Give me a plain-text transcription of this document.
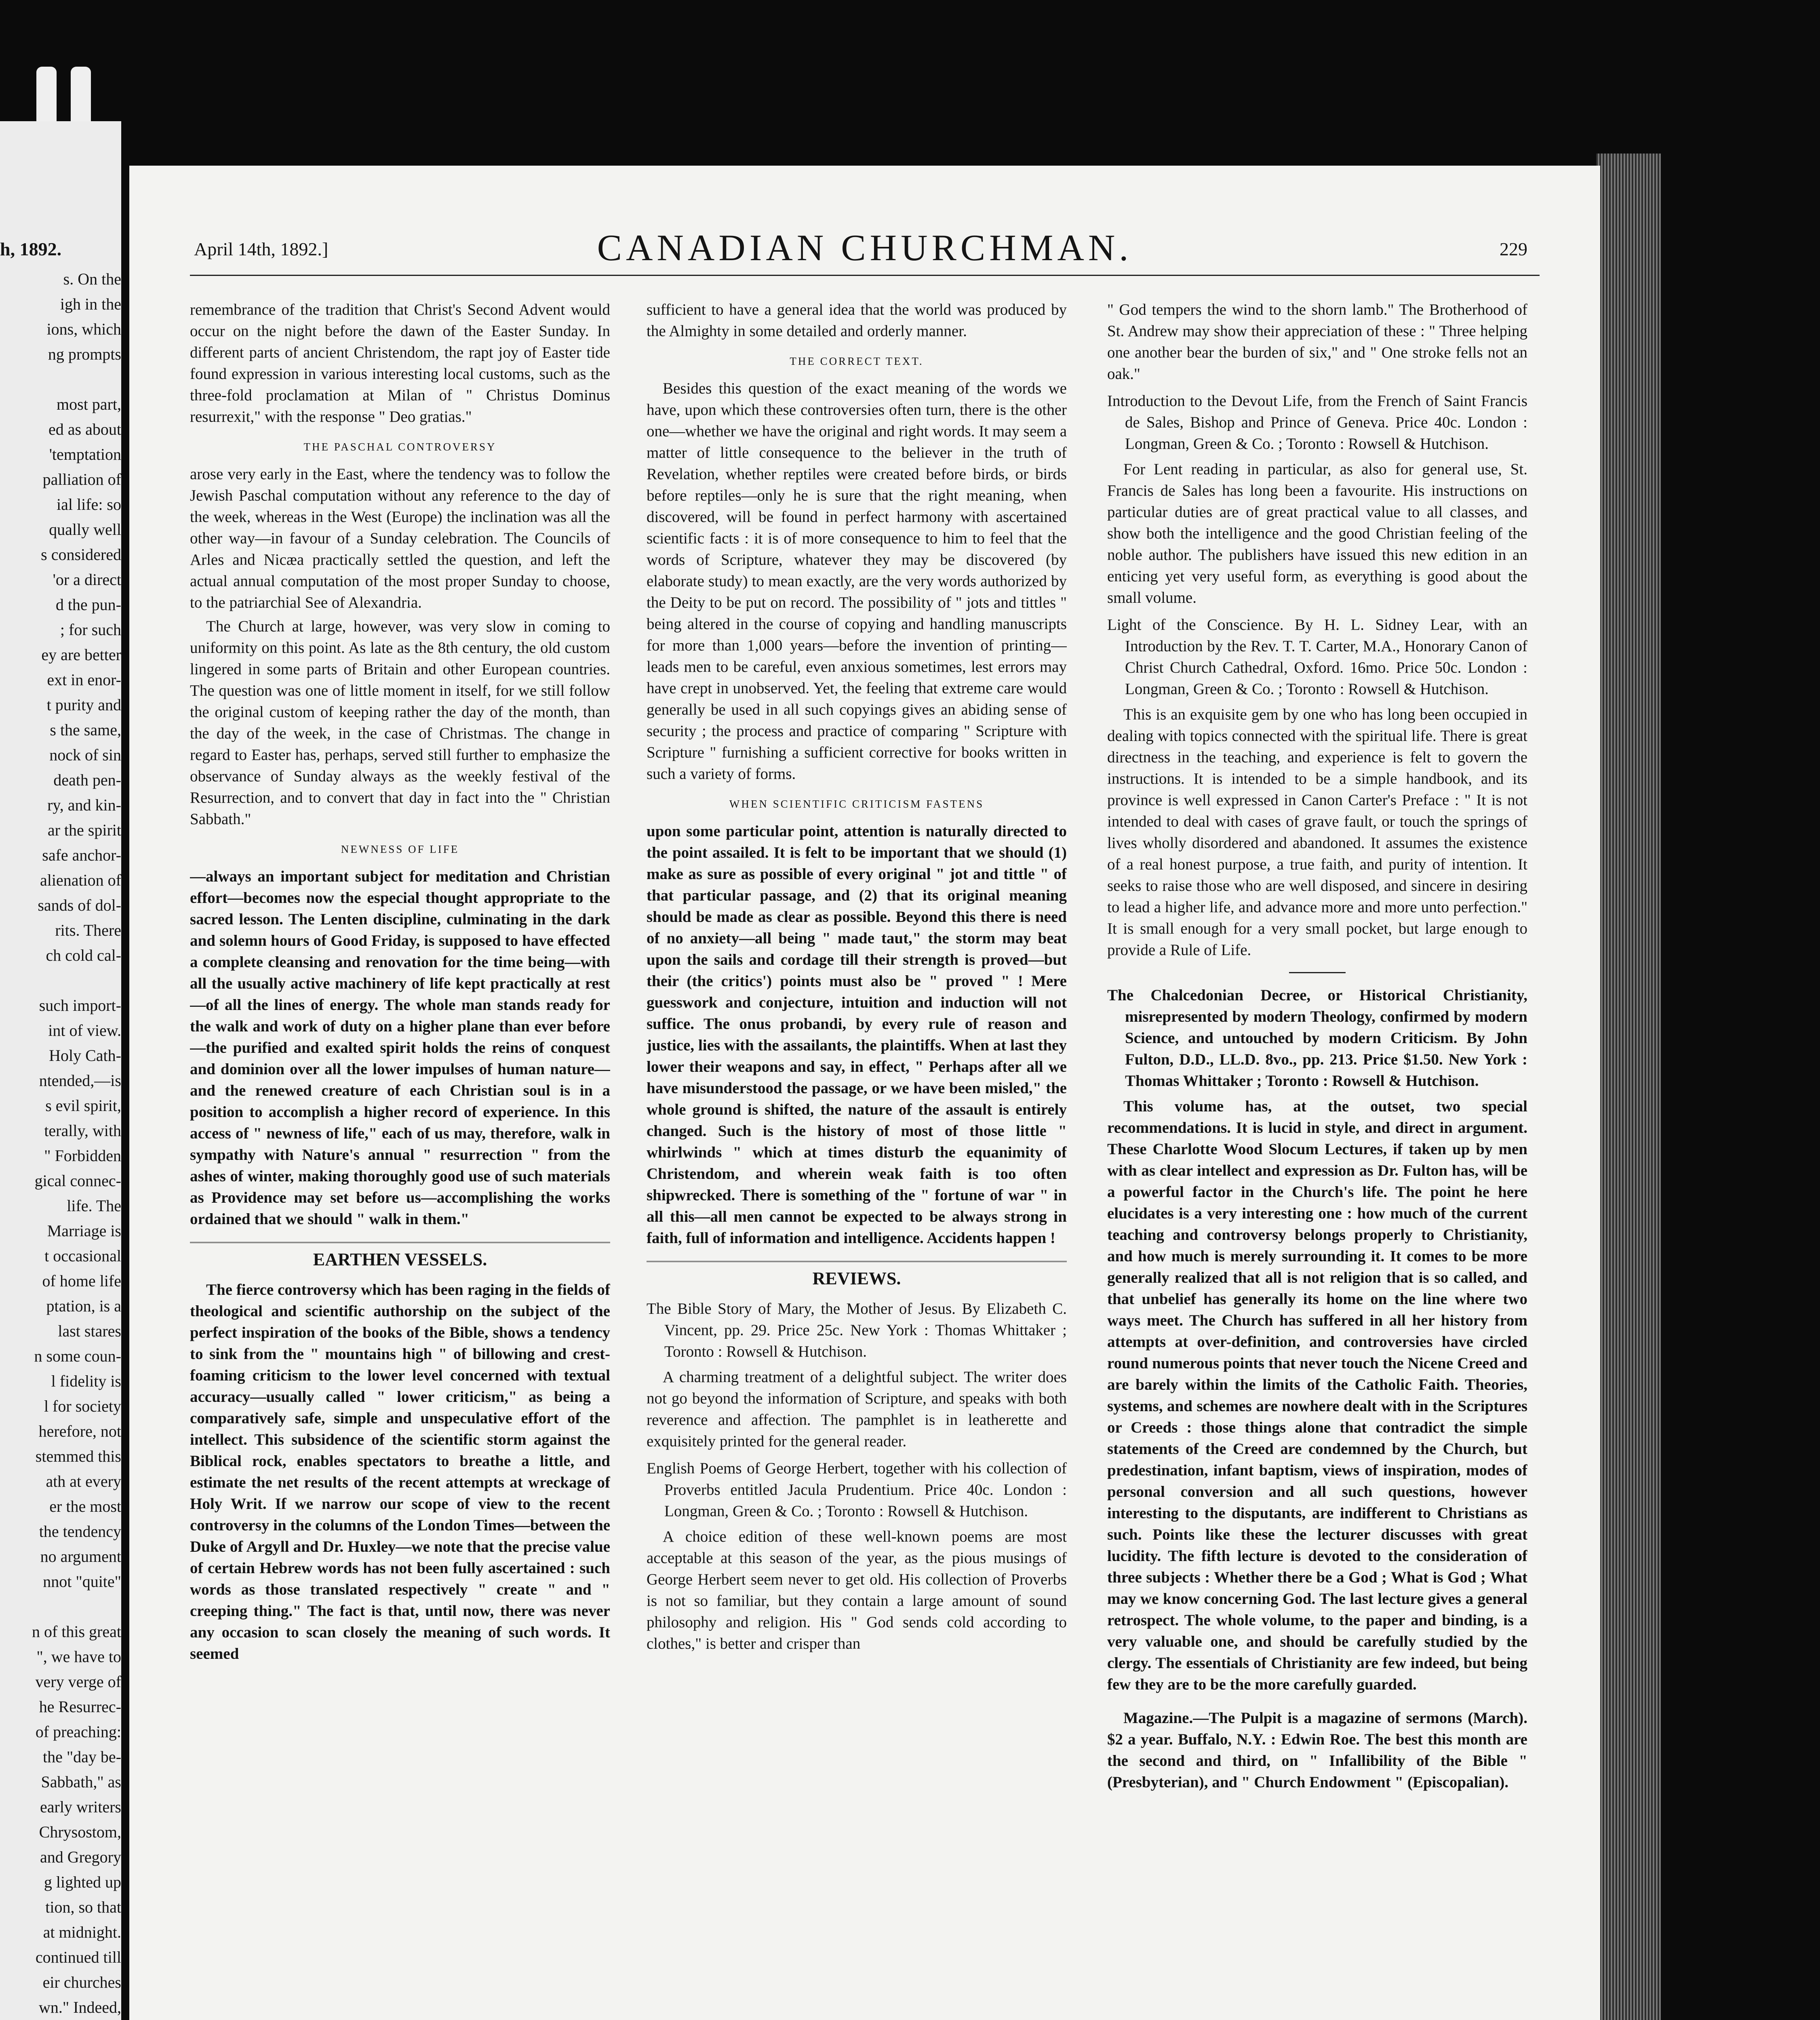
h, 1892.
s. On the
igh in the
ions, which
ng prompts

most part,
ed as about
'temptation
palliation of
ial life: so
qually well
s considered
'or a direct
d the pun-
; for such
ey are better
ext in enor-
t purity and
s the same,
nock of sin
death pen-
ry, and kin-
ar the spirit
safe anchor-
alienation of
sands of dol-
rits. There
ch cold cal-

such import-
int of view.
Holy Cath-
ntended,—is
s evil spirit,
terally, with
" Forbidden
gical connec-
life. The
Marriage is
t occasional
of home life
ptation, is a
last stares
n some coun-
l fidelity is
l for society
herefore, not
stemmed this
ath at every
er the most
the tendency
no argument
nnot "quite"

n of this great
", we have to
very verge of
he Resurrec-
of preaching:
the "day be-
Sabbath," as
early writers
Chrysostom,
and Gregory
g lighted up
tion, so that
at midnight.
continued till
eir churches
wn." Indeed,
April 14th, 1892.]	CANADIAN CHURCHMAN.	229

remembrance of the tradition that Christ's Second Advent would occur on the night before the dawn of the Easter Sunday. In different parts of ancient Christendom, the rapt joy of Easter tide found expression in various interesting local customs, such as the three-fold proclamation at Milan of " Christus Dominus resurrexit," with the response " Deo gratias."

THE PASCHAL CONTROVERSY

arose very early in the East, where the tendency was to follow the Jewish Paschal computation without any reference to the day of the week, whereas in the West (Europe) the inclination was all the other way—in favour of a Sunday celebration. The Councils of Arles and Nicæa practically settled the question, and left the actual annual computation of the most proper Sunday to choose, to the patriarchial See of Alexandria.

The Church at large, however, was very slow in coming to uniformity on this point. As late as the 8th century, the old custom lingered in some parts of Britain and other European countries. The question was one of little moment in itself, for we still follow the original custom of keeping rather the day of the month, than the day of the week, in the case of Christmas. The change in regard to Easter has, perhaps, served still further to emphasize the observance of Sunday always as the weekly festival of the Resurrection, and to convert that day in fact into the " Christian Sabbath."

NEWNESS OF LIFE

—always an important subject for meditation and Christian effort—becomes now the especial thought appropriate to the sacred lesson. The Lenten discipline, culminating in the dark and solemn hours of Good Friday, is supposed to have effected a complete cleansing and renovation for the time being—with all the usually active machinery of life kept practically at rest—of all the lines of energy. The whole man stands ready for the walk and work of duty on a higher plane than ever before—the purified and exalted spirit holds the reins of conquest and dominion over all the lower impulses of human nature—and the renewed creature of each Christian soul is in a position to accomplish a higher record of experience. In this access of " newness of life," each of us may, therefore, walk in sympathy with Nature's annual " resurrection " from the ashes of winter, making thoroughly good use of such materials as Providence may set before us—accomplishing the works ordained that we should " walk in them."

EARTHEN VESSELS.

The fierce controversy which has been raging in the fields of theological and scientific authorship on the subject of the perfect inspiration of the books of the Bible, shows a tendency to sink from the " mountains high " of billowing and crest-foaming criticism to the lower level concerned with textual accuracy—usually called " lower criticism," as being a comparatively safe, simple and unspeculative effort of the intellect. This subsidence of the scientific storm against the Biblical rock, enables spectators to breathe a little, and estimate the net results of the recent attempts at wreckage of Holy Writ. If we narrow our scope of view to the recent controversy in the columns of the London Times—between the Duke of Argyll and Dr. Huxley—we note that the precise value of certain Hebrew words has not been fully ascertained : such words as those translated respectively " create " and " creeping thing." The fact is that, until now, there was never any occasion to scan closely the meaning of such words. It seemed

sufficient to have a general idea that the world was produced by the Almighty in some detailed and orderly manner.

THE CORRECT TEXT.

Besides this question of the exact meaning of the words we have, upon which these controversies often turn, there is the other one—whether we have the original and right words. It may seem a matter of little consequence to the believer in the truth of Revelation, whether reptiles were created before birds, or birds before reptiles—only he is sure that the right meaning, when discovered, will be found in perfect harmony with ascertained scientific facts : it is of more consequence to him to feel that the words of Scripture, whatever they may be discovered (by elaborate study) to mean exactly, are the very words authorized by the Deity to be put on record. The possibility of " jots and tittles " being altered in the course of copying and handling manuscripts for more than 1,000 years—before the invention of printing—leads men to be careful, even anxious sometimes, lest errors may have crept in unobserved. Yet, the feeling that extreme care would generally be used in all such copyings gives an abiding sense of security ; the process and practice of comparing " Scripture with Scripture " furnishing a sufficient corrective for books written in such a variety of forms.

WHEN SCIENTIFIC CRITICISM FASTENS

upon some particular point, attention is naturally directed to the point assailed. It is felt to be important that we should (1) make as sure as possible of every original " jot and tittle " of that particular passage, and (2) that its original meaning should be made as clear as possible. Beyond this there is need of no anxiety—all being " made taut," the storm may beat upon the sails and cordage till their strength is proved—but their (the critics') points must also be " proved " ! Mere guesswork and conjecture, intuition and induction will not suffice. The onus probandi, by every rule of reason and justice, lies with the assailants, the plaintiffs. When at last they lower their weapons and say, in effect, " Perhaps after all we have misunderstood the passage, or we have been misled," the whole ground is shifted, the nature of the assault is entirely changed. Such is the history of most of those little " whirlwinds " which at times disturb the equanimity of Christendom, and wherein weak faith is too often shipwrecked. There is something of the " fortune of war " in all this—all men cannot be expected to be always strong in faith, full of information and intelligence. Accidents happen !

REVIEWS.

The Bible Story of Mary, the Mother of Jesus. By Elizabeth C. Vincent, pp. 29. Price 25c. New York : Thomas Whittaker ; Toronto : Rowsell & Hutchison.

A charming treatment of a delightful subject. The writer does not go beyond the information of Scripture, and speaks with both reverence and affection. The pamphlet is in leatherette and exquisitely printed for the general reader.

English Poems of George Herbert, together with his collection of Proverbs entitled Jacula Prudentium. Price 40c. London : Longman, Green & Co. ; Toronto : Rowsell & Hutchison.

A choice edition of these well-known poems are most acceptable at this season of the year, as the pious musings of George Herbert seem never to get old. His collection of Proverbs is not so familiar, but they contain a large amount of sound philosophy and religion. His " God sends cold according to clothes," is better and crisper than

" God tempers the wind to the shorn lamb." The Brotherhood of St. Andrew may show their appreciation of these : " Three helping one another bear the burden of six," and " One stroke fells not an oak."

Introduction to the Devout Life, from the French of Saint Francis de Sales, Bishop and Prince of Geneva. Price 40c. London : Longman, Green & Co. ; Toronto : Rowsell & Hutchison.

For Lent reading in particular, as also for general use, St. Francis de Sales has long been a favourite. His instructions on particular duties are of great practical value to all classes, and show both the intelligence and the good Christian feeling of the noble author. The publishers have issued this new edition in an enticing yet very useful form, as everything is good about the small volume.

Light of the Conscience. By H. L. Sidney Lear, with an Introduction by the Rev. T. T. Carter, M.A., Honorary Canon of Christ Church Cathedral, Oxford. 16mo. Price 50c. London : Longman, Green & Co. ; Toronto : Rowsell & Hutchison.

This is an exquisite gem by one who has long been occupied in dealing with topics connected with the spiritual life. There is great directness in the teaching, and experience is felt to govern the instructions. It is intended to be a simple handbook, and its province is well expressed in Canon Carter's Preface : " It is not intended to deal with cases of grave fault, or touch the springs of lives wholly disordered and abandoned. It assumes the existence of a real honest purpose, a true faith, and purity of intention. It seeks to raise those who are well disposed, and sincere in desiring to lead a higher life, and advance more and more unto perfection." It is small enough for a very small pocket, but large enough to provide a Rule of Life.

The Chalcedonian Decree, or Historical Christianity, misrepresented by modern Theology, confirmed by modern Science, and untouched by modern Criticism. By John Fulton, D.D., LL.D. 8vo., pp. 213. Price $1.50. New York : Thomas Whittaker ; Toronto : Rowsell & Hutchison.

This volume has, at the outset, two special recommendations. It is lucid in style, and direct in argument. These Charlotte Wood Slocum Lectures, if taken up by men with as clear intellect and expression as Dr. Fulton has, will be a powerful factor in the Church's life. The point he here elucidates is a very interesting one : how much of the current teaching and controversy belongs properly to Christianity, and how much is merely surrounding it. It comes to be more generally realized that all is not religion that is so called, and that unbelief has generally its home on the line where two ways meet. The Church has suffered in all her history from attempts at over-definition, and controversies have circled round numerous points that never touch the Nicene Creed and are barely within the limits of the Catholic Faith. Theories, systems, and schemes are nowhere dealt with in the Scriptures or Creeds : those things alone that contradict the simple statements of the Creed are condemned by the Church, but predestination, infant baptism, views of inspiration, modes of personal conversion and all such questions, however interesting to the disputants, are indifferent to Christians as such. Points like these the lecturer discusses with great lucidity. The fifth lecture is devoted to the consideration of three subjects : Whether there be a God ; What is God ; What may we know concerning God. The last lecture gives a general retrospect. The whole volume, to the paper and binding, is a very valuable one, and should be carefully studied by the clergy. The essentials of Christianity are few indeed, but being few they are to be the more carefully guarded.

Magazine.—The Pulpit is a magazine of sermons (March). $2 a year. Buffalo, N.Y. : Edwin Roe. The best this month are the second and third, on " Infallibility of the Bible " (Presbyterian), and " Church Endowment " (Episcopalian).
